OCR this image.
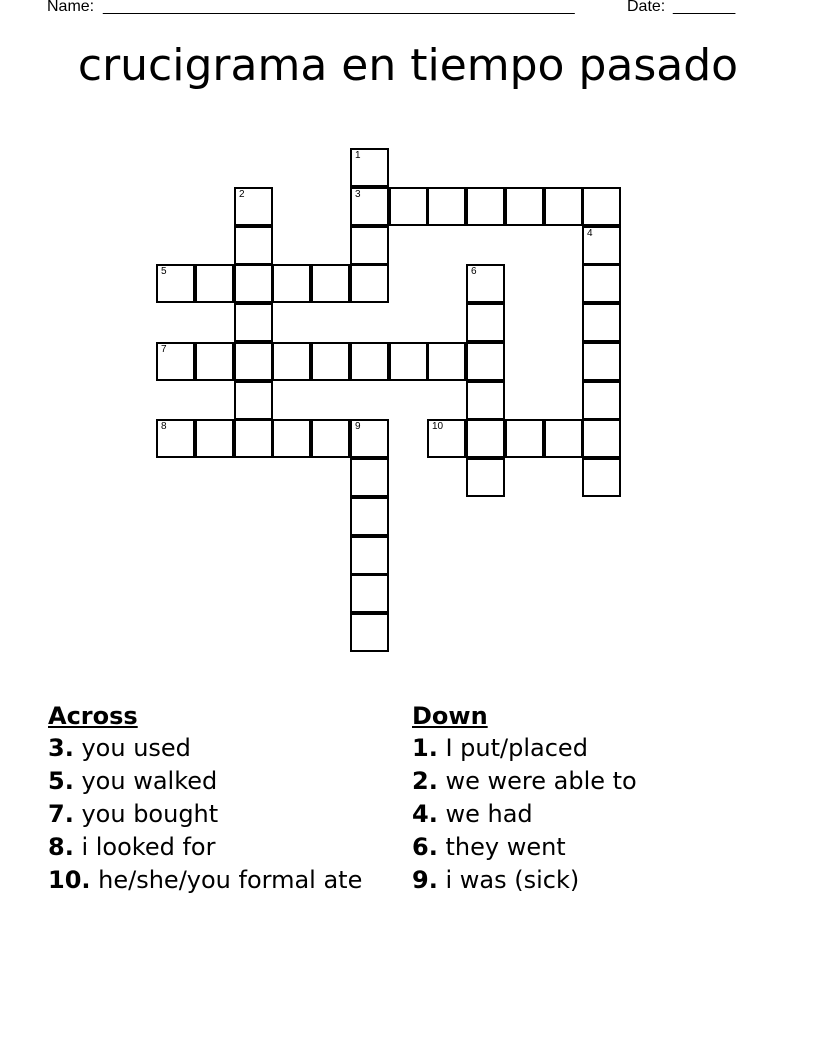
Name:

_____________________________________________________

	Date:

_______

crucigrama en tiempo pasado
1
2	3
4
5	6
7
8	9	10
Across
3. you used
5. you walked
7. you bought
8. i looked for
10. he/she/you formal ate
Down
1. I put/placed
2. we were able to
4. we had
6. they went
9. i was (sick)
